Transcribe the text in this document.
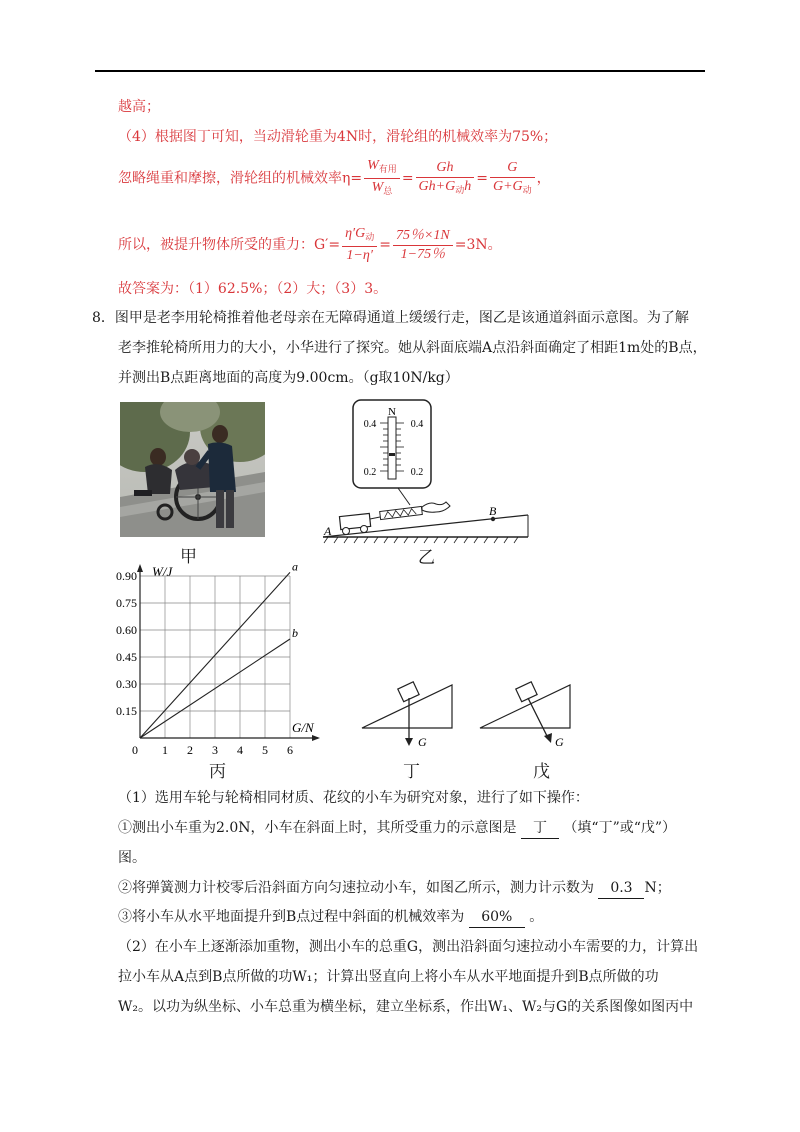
越高；
（4）根据图丁可知，当动滑轮重为4N时，滑轮组的机械效率为75%；
忽略绳重和摩擦，滑轮组的机械效率$\eta= \frac{W_{有用}}{W_总} = \frac{Gh}{Gh+G_动h} = \frac{G}{G+G_动}$ ，
所以，被提升物体所受的重力：$G'= \frac{\eta'G_动}{1-\eta'} = \frac{75\%\times 1N}{1-75\%} =3N$。
故答案为：（1）62.5%；（2）大；（3）3。
8．图甲是老李用轮椅推着他老母亲在无障碍通道上缓缓行走，图乙是该通道斜面示意图。为了解
老李推轮椅所用力的大小，小华进行了探究。她从斜面底端A点沿斜面确定了相距1m处的B点，
并测出B点距离地面的高度为9.00cm。（g取10N/kg）
甲
N
0.4	0.4
0.2	0.2
A
B
乙
0.15
0.30
0.45
0.60
0.75
0.90
0 1 2 3 4 5 6
W/J
G/N
a
b
丙
G
丁
G
戊
（1）选用车轮与轮椅相同材质、花纹的小车为研究对象，进行了如下操作：
①测出小车重为2.0N，小车在斜面上时，其所受重力的示意图是 丁 （填“丁”或“戊”）
图。
②将弹簧测力计校零后沿斜面方向匀速拉动小车，如图乙所示，测力计示数为 0.3 N；
③将小车从水平地面提升到B点过程中斜面的机械效率为 60% 。
（2）在小车上逐渐添加重物，测出小车的总重G，测出沿斜面匀速拉动小车需要的力，计算出
拉小车从A点到B点所做的功W₁；计算出竖直向上将小车从水平地面提升到B点所做的功
W₂。以功为纵坐标、小车总重为横坐标，建立坐标系，作出W₁、W₂与G的关系图像如图丙中
